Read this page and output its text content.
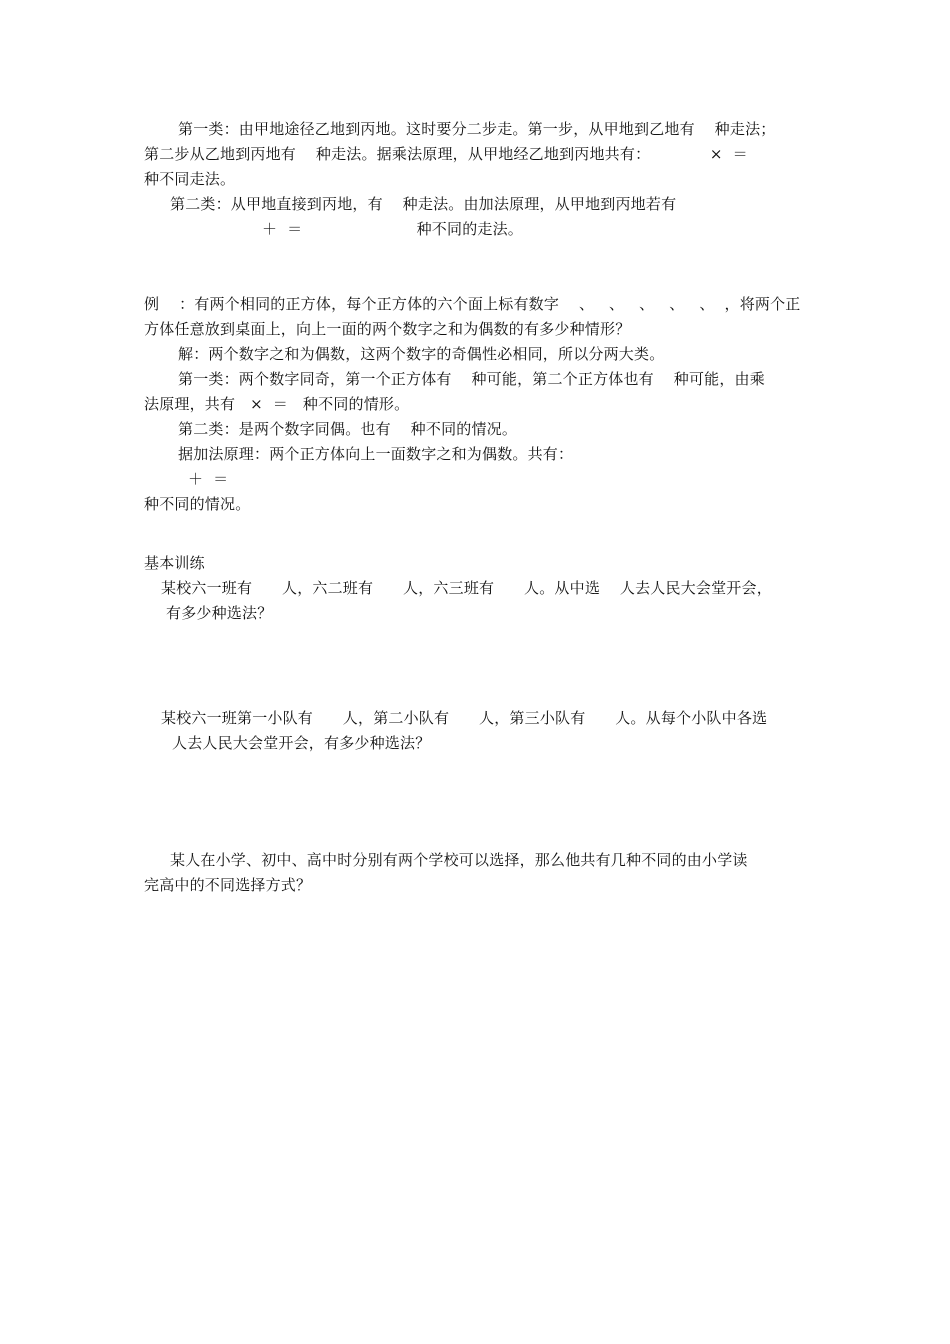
第一类：由甲地途径乙地到丙地。这时要分二步走。第一步，从甲地到乙地有    种走法；
第二步从乙地到丙地有    种走法。据乘法原理，从甲地经乙地到丙地共有：            ×  ＝
种不同走法。
第二类：从甲地直接到丙地，有    种走法。由加法原理，从甲地到丙地若有
＋  ＝                       种不同的走法。
例    ：有两个相同的正方体，每个正方体的六个面上标有数字    、   、   、   、   、  ，将两个正
方体任意放到桌面上，向上一面的两个数字之和为偶数的有多少种情形？
解：两个数字之和为偶数，这两个数字的奇偶性必相同，所以分两大类。
第一类：两个数字同奇，第一个正方体有    种可能，第二个正方体也有    种可能，由乘
法原理，共有   ×  ＝   种不同的情形。
第二类：是两个数字同偶。也有    种不同的情况。
据加法原理：两个正方体向上一面数字之和为偶数。共有：
＋  ＝
种不同的情况。
基本训练
某校六一班有      人，六二班有      人，六三班有      人。从中选    人去人民大会堂开会，
有多少种选法？
某校六一班第一小队有      人，第二小队有      人，第三小队有      人。从每个小队中各选
人去人民大会堂开会，有多少种选法？
某人在小学、初中、高中时分别有两个学校可以选择，那么他共有几种不同的由小学读
完高中的不同选择方式？
